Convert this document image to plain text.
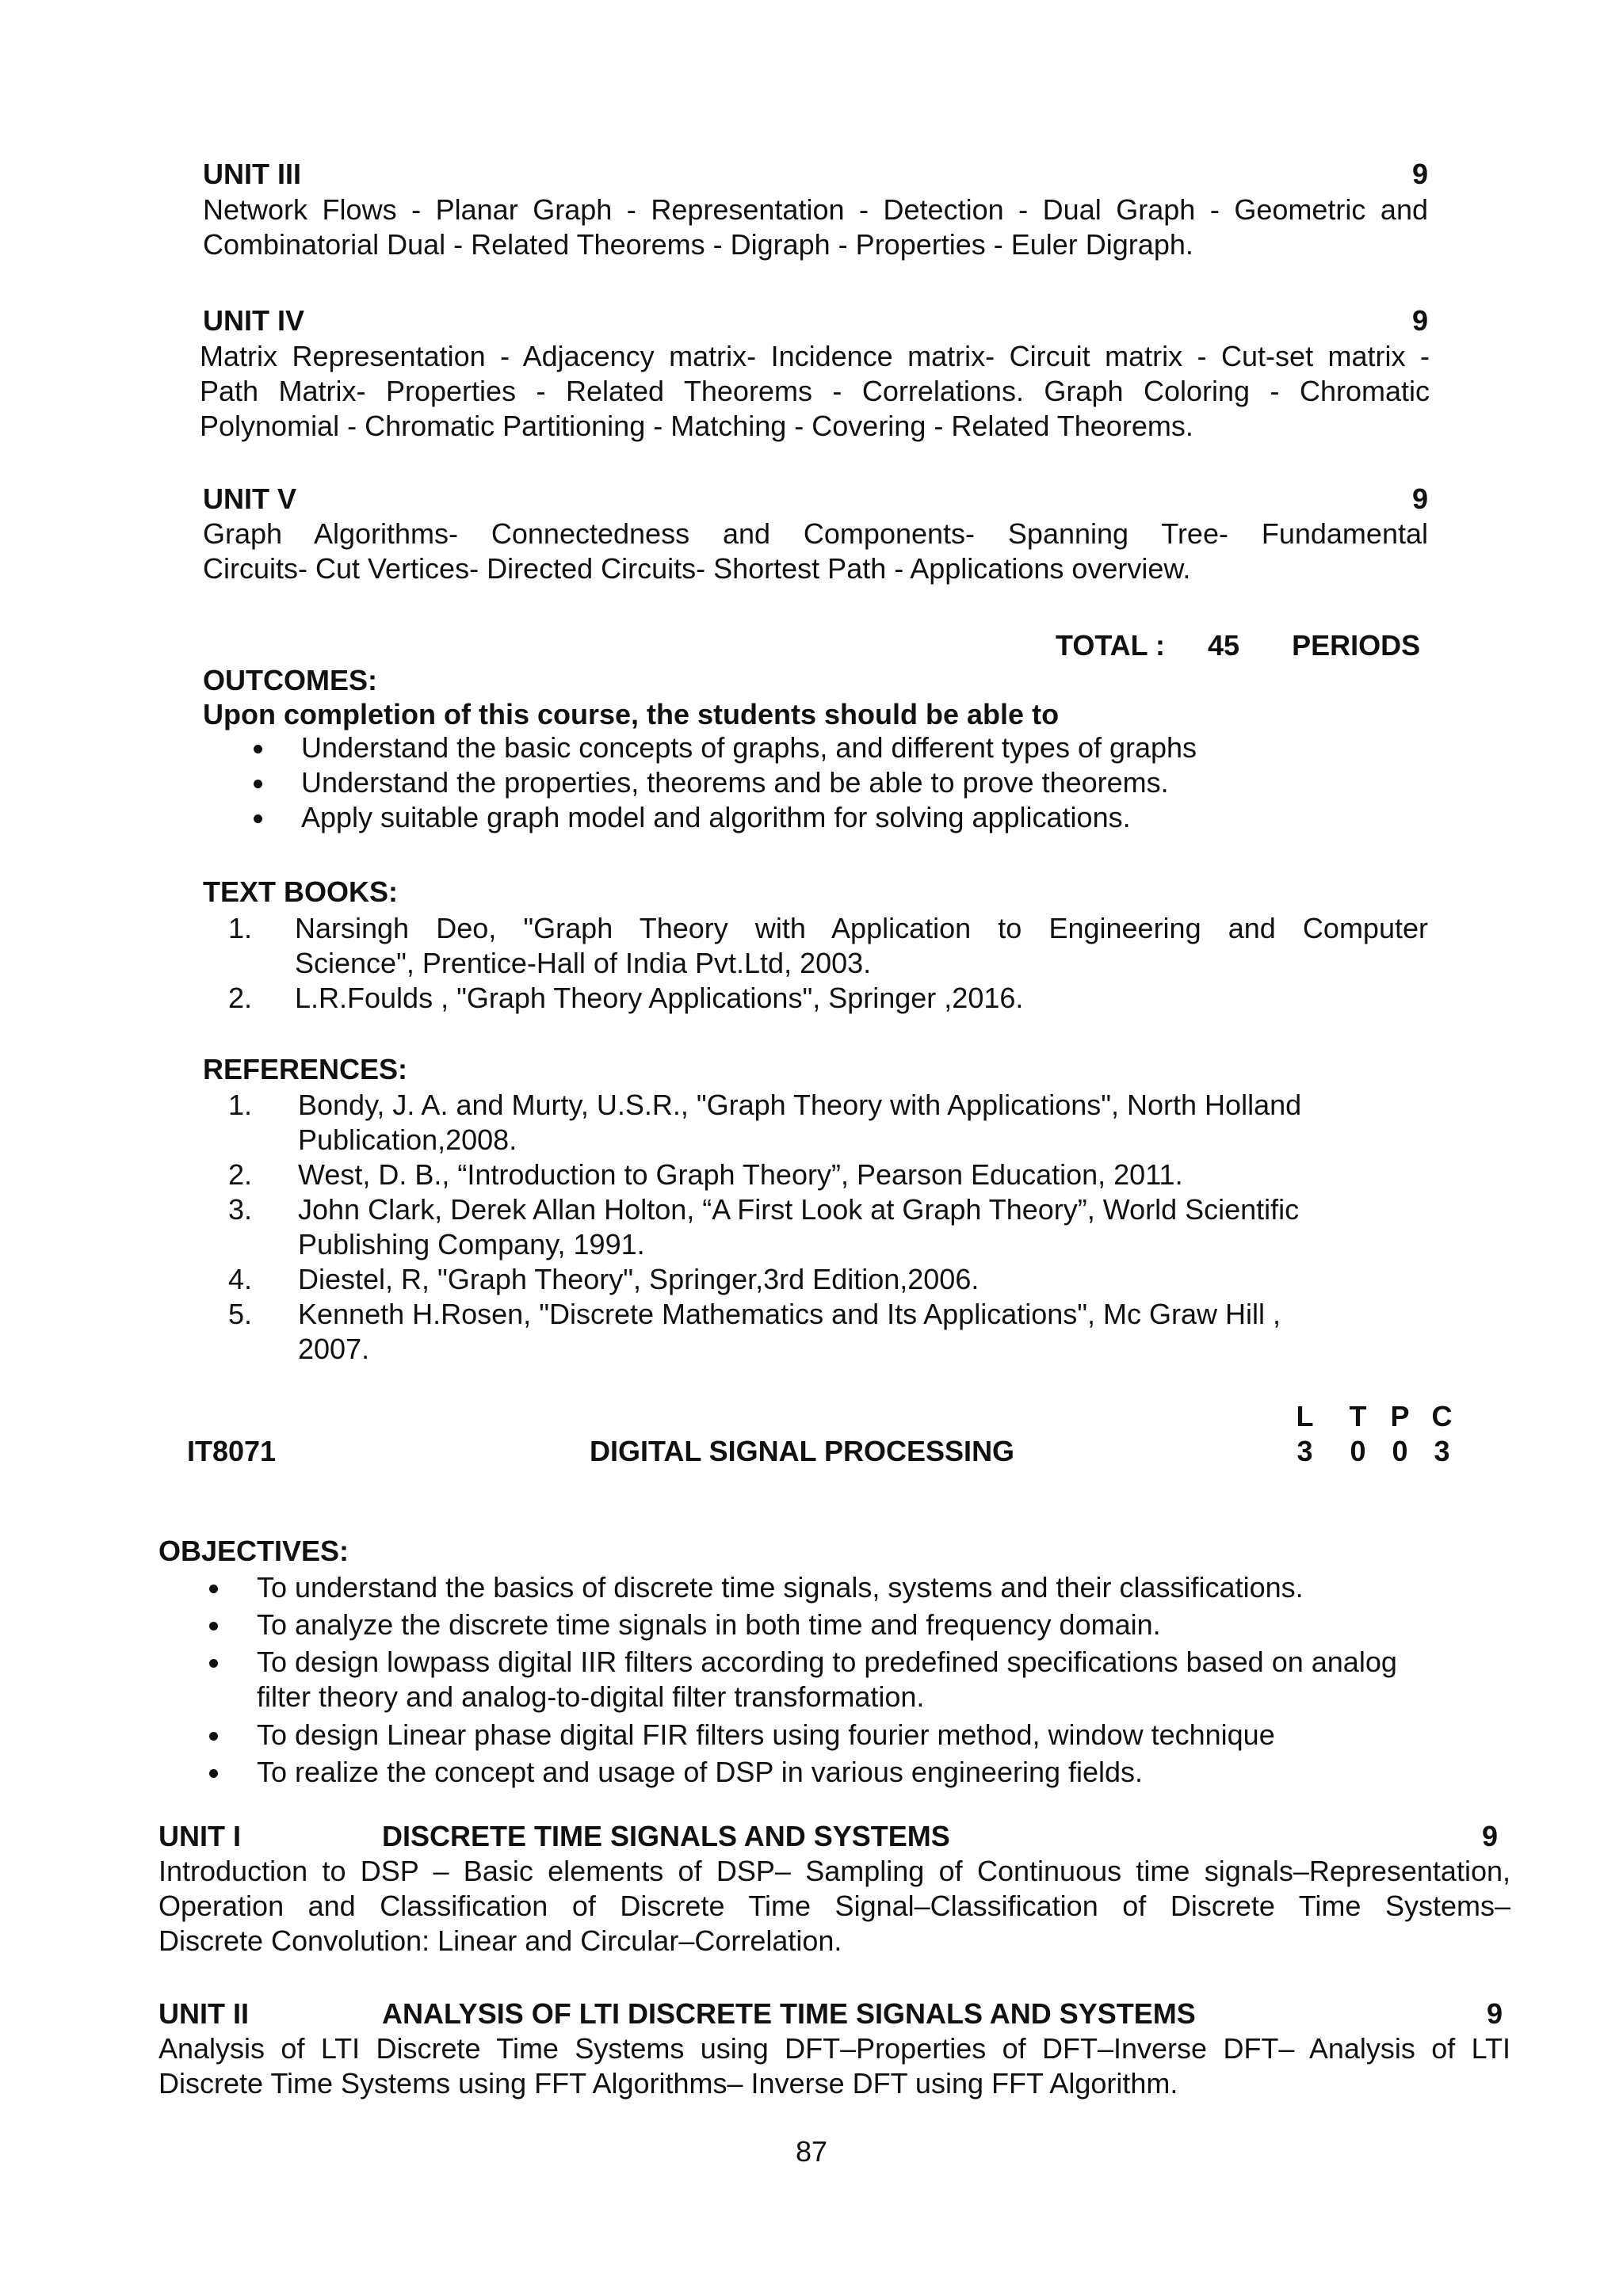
UNIT III	9
Network Flows - Planar Graph - Representation - Detection - Dual Graph - Geometric and
Combinatorial Dual - Related Theorems - Digraph - Properties - Euler Digraph.
UNIT IV	9
Matrix Representation - Adjacency matrix- Incidence matrix- Circuit matrix - Cut-set matrix -
Path Matrix- Properties - Related Theorems - Correlations. Graph Coloring - Chromatic
Polynomial - Chromatic Partitioning - Matching - Covering - Related Theorems.
UNIT V	9
Graph Algorithms- Connectedness and Components- Spanning Tree- Fundamental
Circuits- Cut Vertices- Directed Circuits- Shortest Path - Applications overview.
TOTAL : 45 PERIODS
OUTCOMES:
Upon completion of this course, the students should be able to
Understand the basic concepts of graphs, and different types of graphs
Understand the properties, theorems and be able to prove theorems.
Apply suitable graph model and algorithm for solving applications.
TEXT BOOKS:
1. Narsingh Deo, "Graph Theory with Application to Engineering and Computer
Science", Prentice-Hall of India Pvt.Ltd, 2003.
2. L.R.Foulds , "Graph Theory Applications", Springer ,2016.
REFERENCES:
1. Bondy, J. A. and Murty, U.S.R., "Graph Theory with Applications", North Holland
Publication,2008.
2. West, D. B., “Introduction to Graph Theory”, Pearson Education, 2011.
3. John Clark, Derek Allan Holton, “A First Look at Graph Theory”, World Scientific
Publishing Company, 1991.
4. Diestel, R, "Graph Theory", Springer,3rd Edition,2006.
5. Kenneth H.Rosen, "Discrete Mathematics and Its Applications", Mc Graw Hill ,
2007.
L	T P C
IT8071	DIGITAL SIGNAL PROCESSING	3	0 0 3
OBJECTIVES:
To understand the basics of discrete time signals, systems and their classifications.
To analyze the discrete time signals in both time and frequency domain.
To design lowpass digital IIR filters according to predefined specifications based on analog
filter theory and analog-to-digital filter transformation.
To design Linear phase digital FIR filters using fourier method, window technique
To realize the concept and usage of DSP in various engineering fields.
UNIT I	DISCRETE TIME SIGNALS AND SYSTEMS	9
Introduction to DSP – Basic elements of DSP– Sampling of Continuous time signals–Representation,
Operation and Classification of Discrete Time Signal–Classification of Discrete Time Systems–
Discrete Convolution: Linear and Circular–Correlation.
UNIT II	ANALYSIS OF LTI DISCRETE TIME SIGNALS AND SYSTEMS	9
Analysis of LTI Discrete Time Systems using DFT–Properties of DFT–Inverse DFT– Analysis of LTI
Discrete Time Systems using FFT Algorithms– Inverse DFT using FFT Algorithm.
87
